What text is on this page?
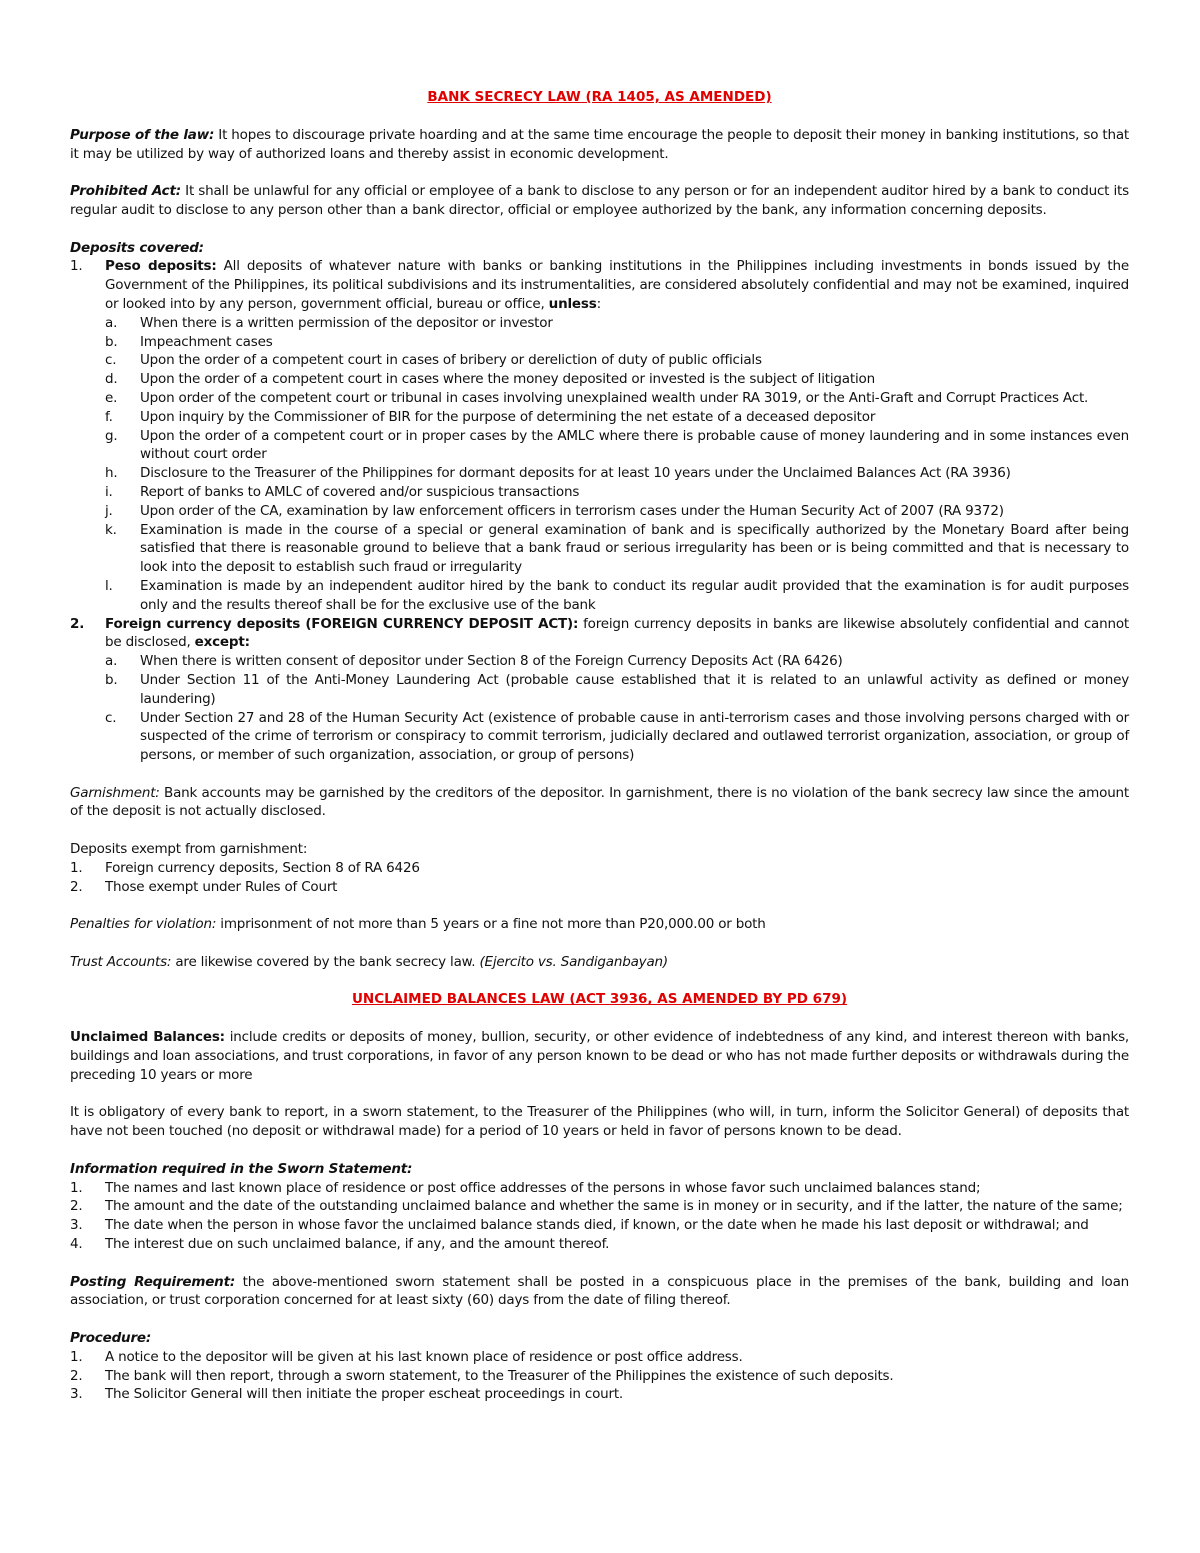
BANK SECRECY LAW (RA 1405, AS AMENDED)

Purpose of the law: It hopes to discourage private hoarding and at the same time encourage the people to deposit their money in banking institutions, so that it may be utilized by way of authorized loans and thereby assist in economic development.

Prohibited Act: It shall be unlawful for any official or employee of a bank to disclose to any person or for an independent auditor hired by a bank to conduct its regular audit to disclose to any person other than a bank director, official or employee authorized by the bank, any information concerning deposits.

Deposits covered:

1.	Peso deposits: All deposits of whatever nature with banks or banking institutions in the Philippines including investments in bonds issued by the Government of the Philippines, its political subdivisions and its instrumentalities, are considered absolutely confidential and may not be examined, inquired or looked into by any person, government official, bureau or office, unless:
a.	When there is a written permission of the depositor or investor
b.	Impeachment cases
c.	Upon the order of a competent court in cases of bribery or dereliction of duty of public officials
d.	Upon the order of a competent court in cases where the money deposited or invested is the subject of litigation
e.	Upon order of the competent court or tribunal in cases involving unexplained wealth under RA 3019, or the Anti-Graft and Corrupt Practices Act.
f.	Upon inquiry by the Commissioner of BIR for the purpose of determining the net estate of a deceased depositor
g.	Upon the order of a competent court or in proper cases by the AMLC where there is probable cause of money laundering and in some instances even without court order
h.	Disclosure to the Treasurer of the Philippines for dormant deposits for at least 10 years under the Unclaimed Balances Act (RA 3936)
i.	Report of banks to AMLC of covered and/or suspicious transactions
j.	Upon order of the CA, examination by law enforcement officers in terrorism cases under the Human Security Act of 2007 (RA 9372)
k.	Examination is made in the course of a special or general examination of bank and is specifically authorized by the Monetary Board after being satisfied that there is reasonable ground to believe that a bank fraud or serious irregularity has been or is being committed and that is necessary to look into the deposit to establish such fraud or irregularity
l.	Examination is made by an independent auditor hired by the bank to conduct its regular audit provided that the examination is for audit purposes only and the results thereof shall be for the exclusive use of the bank
2.	Foreign currency deposits (FOREIGN CURRENCY DEPOSIT ACT): foreign currency deposits in banks are likewise absolutely confidential and cannot be disclosed, except:
a.	When there is written consent of depositor under Section 8 of the Foreign Currency Deposits Act (RA 6426)
b.	Under Section 11 of the Anti-Money Laundering Act (probable cause established that it is related to an unlawful activity as defined or money laundering)
c.	Under Section 27 and 28 of the Human Security Act (existence of probable cause in anti-terrorism cases and those involving persons charged with or suspected of the crime of terrorism or conspiracy to commit terrorism, judicially declared and outlawed terrorist organization, association, or group of persons, or member of such organization, association, or group of persons)

Garnishment: Bank accounts may be garnished by the creditors of the depositor. In garnishment, there is no violation of the bank secrecy law since the amount of the deposit is not actually disclosed.

Deposits exempt from garnishment:

1.	Foreign currency deposits, Section 8 of RA 6426
2.	Those exempt under Rules of Court

Penalties for violation: imprisonment of not more than 5 years or a fine not more than P20,000.00 or both

Trust Accounts: are likewise covered by the bank secrecy law. (Ejercito vs. Sandiganbayan)

UNCLAIMED BALANCES LAW (ACT 3936, AS AMENDED BY PD 679)

Unclaimed Balances: include credits or deposits of money, bullion, security, or other evidence of indebtedness of any kind, and interest thereon with banks, buildings and loan associations, and trust corporations, in favor of any person known to be dead or who has not made further deposits or withdrawals during the preceding 10 years or more

It is obligatory of every bank to report, in a sworn statement, to the Treasurer of the Philippines (who will, in turn, inform the Solicitor General) of deposits that have not been touched (no deposit or withdrawal made) for a period of 10 years or held in favor of persons known to be dead.

Information required in the Sworn Statement:

1.	The names and last known place of residence or post office addresses of the persons in whose favor such unclaimed balances stand;
2.	The amount and the date of the outstanding unclaimed balance and whether the same is in money or in security, and if the latter, the nature of the same;
3.	The date when the person in whose favor the unclaimed balance stands died, if known, or the date when he made his last deposit or withdrawal; and
4.	The interest due on such unclaimed balance, if any, and the amount thereof.

Posting Requirement: the above-mentioned sworn statement shall be posted in a conspicuous place in the premises of the bank, building and loan association, or trust corporation concerned for at least sixty (60) days from the date of filing thereof.

Procedure:

1.	A notice to the depositor will be given at his last known place of residence or post office address.
2.	The bank will then report, through a sworn statement, to the Treasurer of the Philippines the existence of such deposits.
3.	The Solicitor General will then initiate the proper escheat proceedings in court.
